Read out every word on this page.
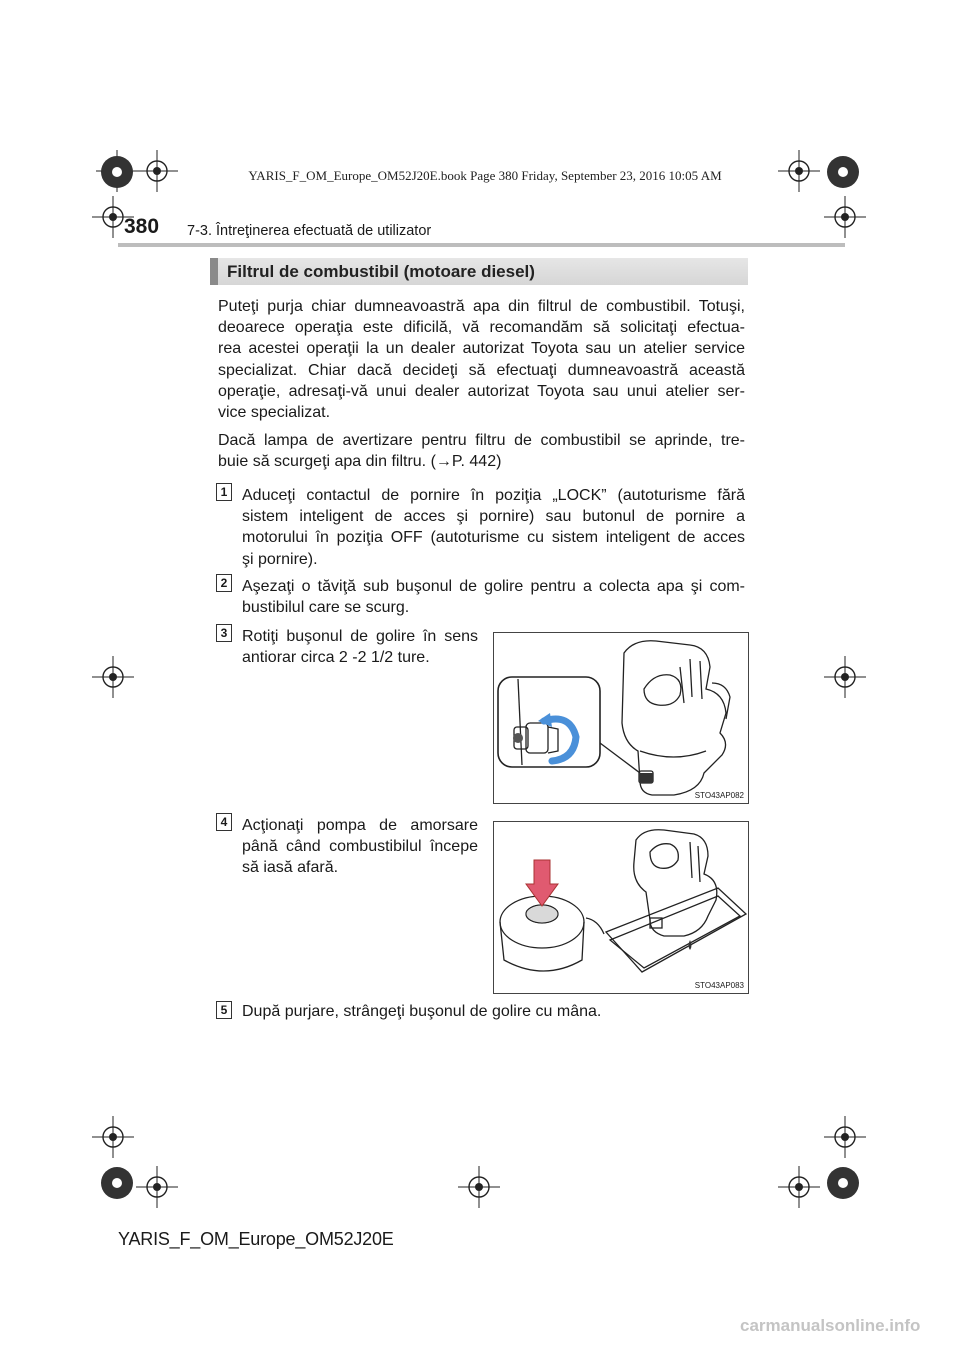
YARIS_F_OM_Europe_OM52J20E.book Page 380 Friday, September 23, 2016 10:05 AM
380 7-3. Întreţinerea efectuată de utilizator
Filtrul de combustibil (motoare diesel)
Puteţi purja chiar dumneavoastră apa din filtrul de combustibil. Totuşi,
deoarece operaţia este dificilă, vă recomandăm să solicitaţi efectua-
rea acestei operaţii la un dealer autorizat Toyota sau un atelier service
specializat. Chiar dacă decideţi să efectuaţi dumneavoastră această
operaţie, adresaţi-vă unui dealer autorizat Toyota sau unui atelier ser-
vice specializat.
Dacă lampa de avertizare pentru filtru de combustibil se aprinde, tre-
buie să scurgeţi apa din filtru. (→P. 442)
1 Aduceţi contactul de pornire în poziţia „LOCK” (autoturisme fără
sistem inteligent de acces şi pornire) sau butonul de pornire a
motorului în poziţia OFF (autoturisme cu sistem inteligent de acces
şi pornire).
2 Aşezaţi o tăviţă sub buşonul de golire pentru a colecta apa şi com-
bustibilul care se scurg.
3 Rotiţi buşonul de golire în sens
antiorar circa 2 -2 1/2 ture.
STO43AP082
4 Acţionaţi pompa de amorsare
până când combustibilul începe
să iasă afară.
STO43AP083
5 După purjare, strângeţi buşonul de golire cu mâna.
YARIS_F_OM_Europe_OM52J20E
carmanualsonline.info
